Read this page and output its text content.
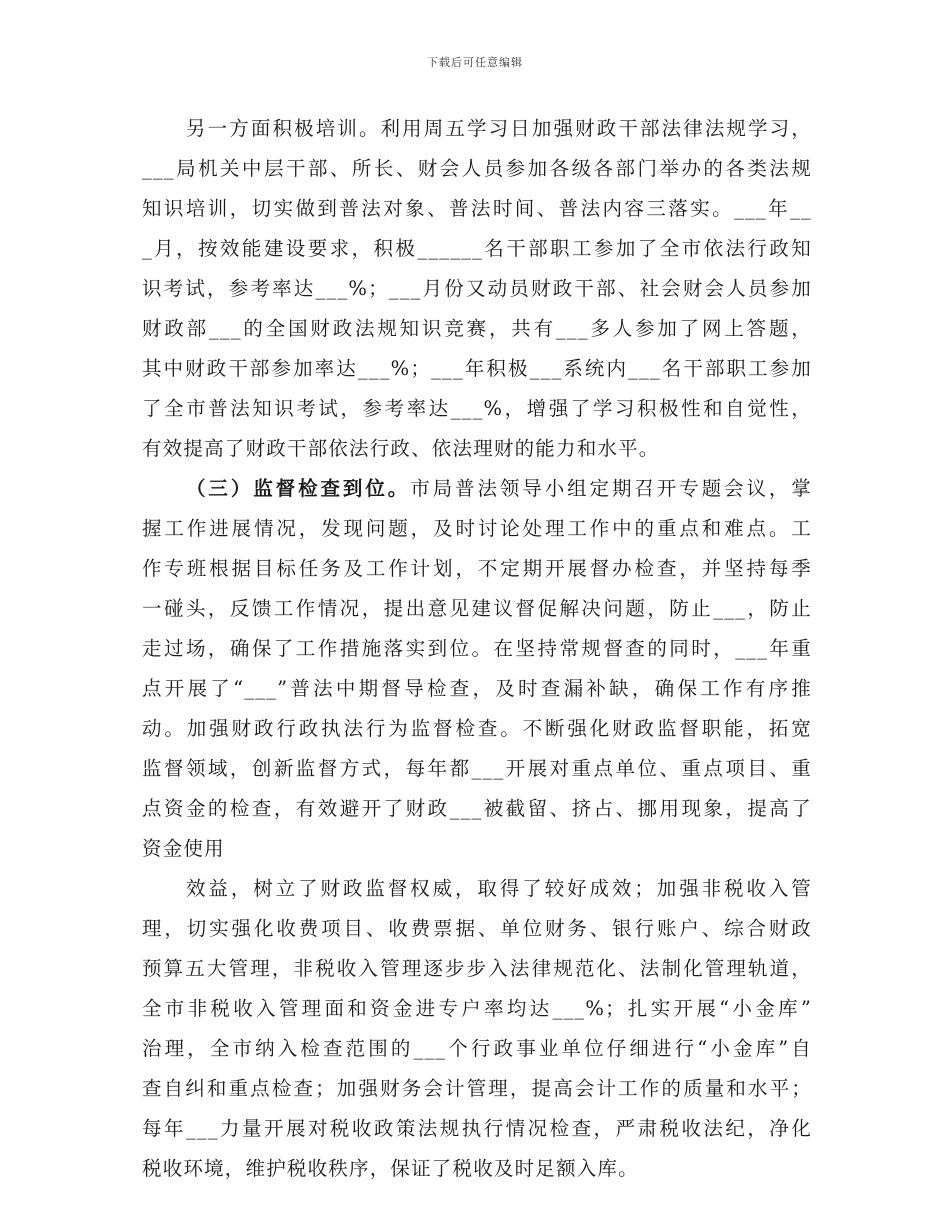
下载后可任意编辑
另一方面积极培训。利用周五学习日加强财政干部法律法规学习，
___局机关中层干部、所长、财会人员参加各级各部门举办的各类法规
知识培训，切实做到普法对象、普法时间、普法内容三落实。___年__
_月，按效能建设要求，积极______名干部职工参加了全市依法行政知
识考试，参考率达___%；___月份又动员财政干部、社会财会人员参加
财政部___的全国财政法规知识竞赛，共有___多人参加了网上答题，
其中财政干部参加率达___%；___年积极___系统内___名干部职工参加
了全市普法知识考试，参考率达___%，增强了学习积极性和自觉性，
有效提高了财政干部依法行政、依法理财的能力和水平。
（三）监督检查到位。市局普法领导小组定期召开专题会议，掌
握工作进展情况，发现问题，及时讨论处理工作中的重点和难点。工
作专班根据目标任务及工作计划，不定期开展督办检查，并坚持每季
一碰头，反馈工作情况，提出意见建议督促解决问题，防止___，防止
走过场，确保了工作措施落实到位。在坚持常规督查的同时，___年重
点开展了“___”普法中期督导检查，及时查漏补缺，确保工作有序推
动。加强财政行政执法行为监督检查。不断强化财政监督职能，拓宽
监督领域，创新监督方式，每年都___开展对重点单位、重点项目、重
点资金的检查，有效避开了财政___被截留、挤占、挪用现象，提高了
资金使用
效益，树立了财政监督权威，取得了较好成效；加强非税收入管
理，切实强化收费项目、收费票据、单位财务、银行账户、综合财政
预算五大管理，非税收入管理逐步步入法律规范化、法制化管理轨道，
全市非税收入管理面和资金进专户率均达___%；扎实开展“小金库”
治理，全市纳入检查范围的___个行政事业单位仔细进行“小金库”自
查自纠和重点检查；加强财务会计管理，提高会计工作的质量和水平；
每年___力量开展对税收政策法规执行情况检查，严肃税收法纪，净化
税收环境，维护税收秩序，保证了税收及时足额入库。
